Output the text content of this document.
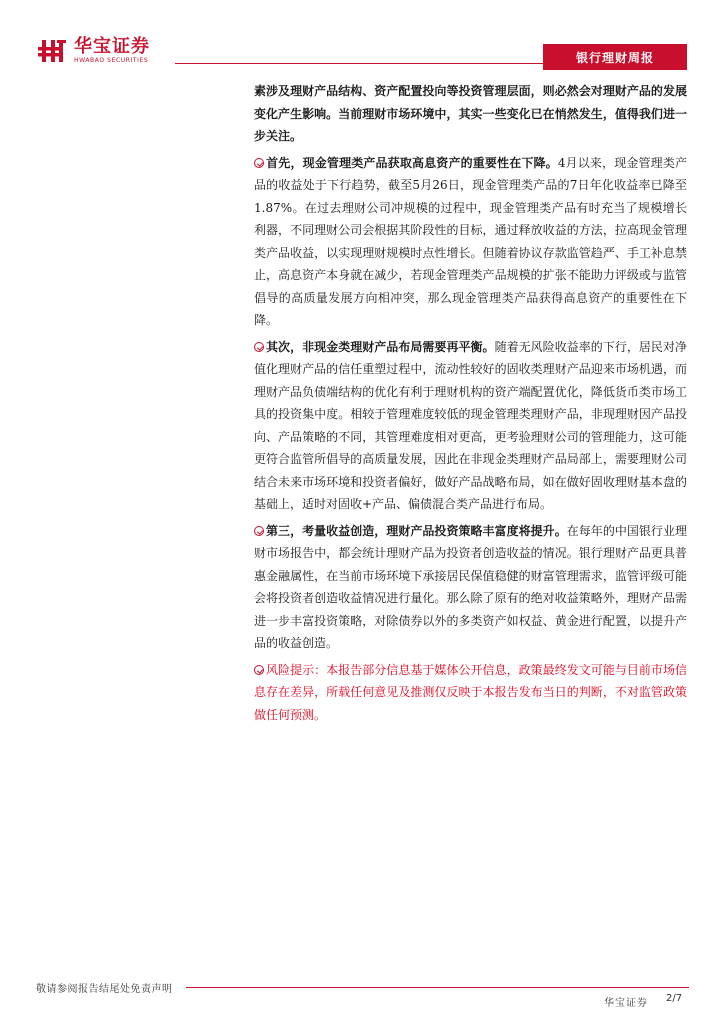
华宝证券
HWABAO SECURITIES	银行理财周报

素涉及理财产品结构、资产配置投向等投资管理层面，则必然会对理财产品的发展变化产生影响。当前理财市场环境中，其实一些变化已在悄然发生，值得我们进一步关注。

首先，现金管理类产品获取高息资产的重要性在下降。4月以来，现金管理类产品的收益处于下行趋势，截至5月26日，现金管理类产品的7日年化收益率已降至1.87%。在过去理财公司冲规模的过程中，现金管理类产品有时充当了规模增长利器，不同理财公司会根据其阶段性的目标，通过释放收益的方法，拉高现金管理类产品收益，以实现理财规模时点性增长。但随着协议存款监管趋严、手工补息禁止，高息资产本身就在减少，若现金管理类产品规模的扩张不能助力评级或与监管倡导的高质量发展方向相冲突，那么现金管理类产品获得高息资产的重要性在下降。

其次，非现金类理财产品布局需要再平衡。随着无风险收益率的下行，居民对净值化理财产品的信任重塑过程中，流动性较好的固收类理财产品迎来市场机遇，而理财产品负债端结构的优化有利于理财机构的资产端配置优化，降低货币类市场工具的投资集中度。相较于管理难度较低的现金管理类理财产品，非现理财因产品投向、产品策略的不同，其管理难度相对更高，更考验理财公司的管理能力，这可能更符合监管所倡导的高质量发展，因此在非现金类理财产品局部上，需要理财公司结合未来市场环境和投资者偏好，做好产品战略布局，如在做好固收理财基本盘的基础上，适时对固收+产品、偏债混合类产品进行布局。

第三，考量收益创造，理财产品投资策略丰富度将提升。在每年的中国银行业理财市场报告中，都会统计理财产品为投资者创造收益的情况。银行理财产品更具普惠金融属性，在当前市场环境下承接居民保值稳健的财富管理需求，监管评级可能会将投资者创造收益情况进行量化。那么除了原有的绝对收益策略外，理财产品需进一步丰富投资策略，对除债券以外的多类资产如权益、黄金进行配置，以提升产品的收益创造。

风险提示：本报告部分信息基于媒体公开信息，政策最终发文可能与目前市场信息存在差异，所载任何意见及推测仅反映于本报告发布当日的判断，不对监管政策做任何预测。

敬请参阅报告结尾处免责声明
华宝证券 2/7
